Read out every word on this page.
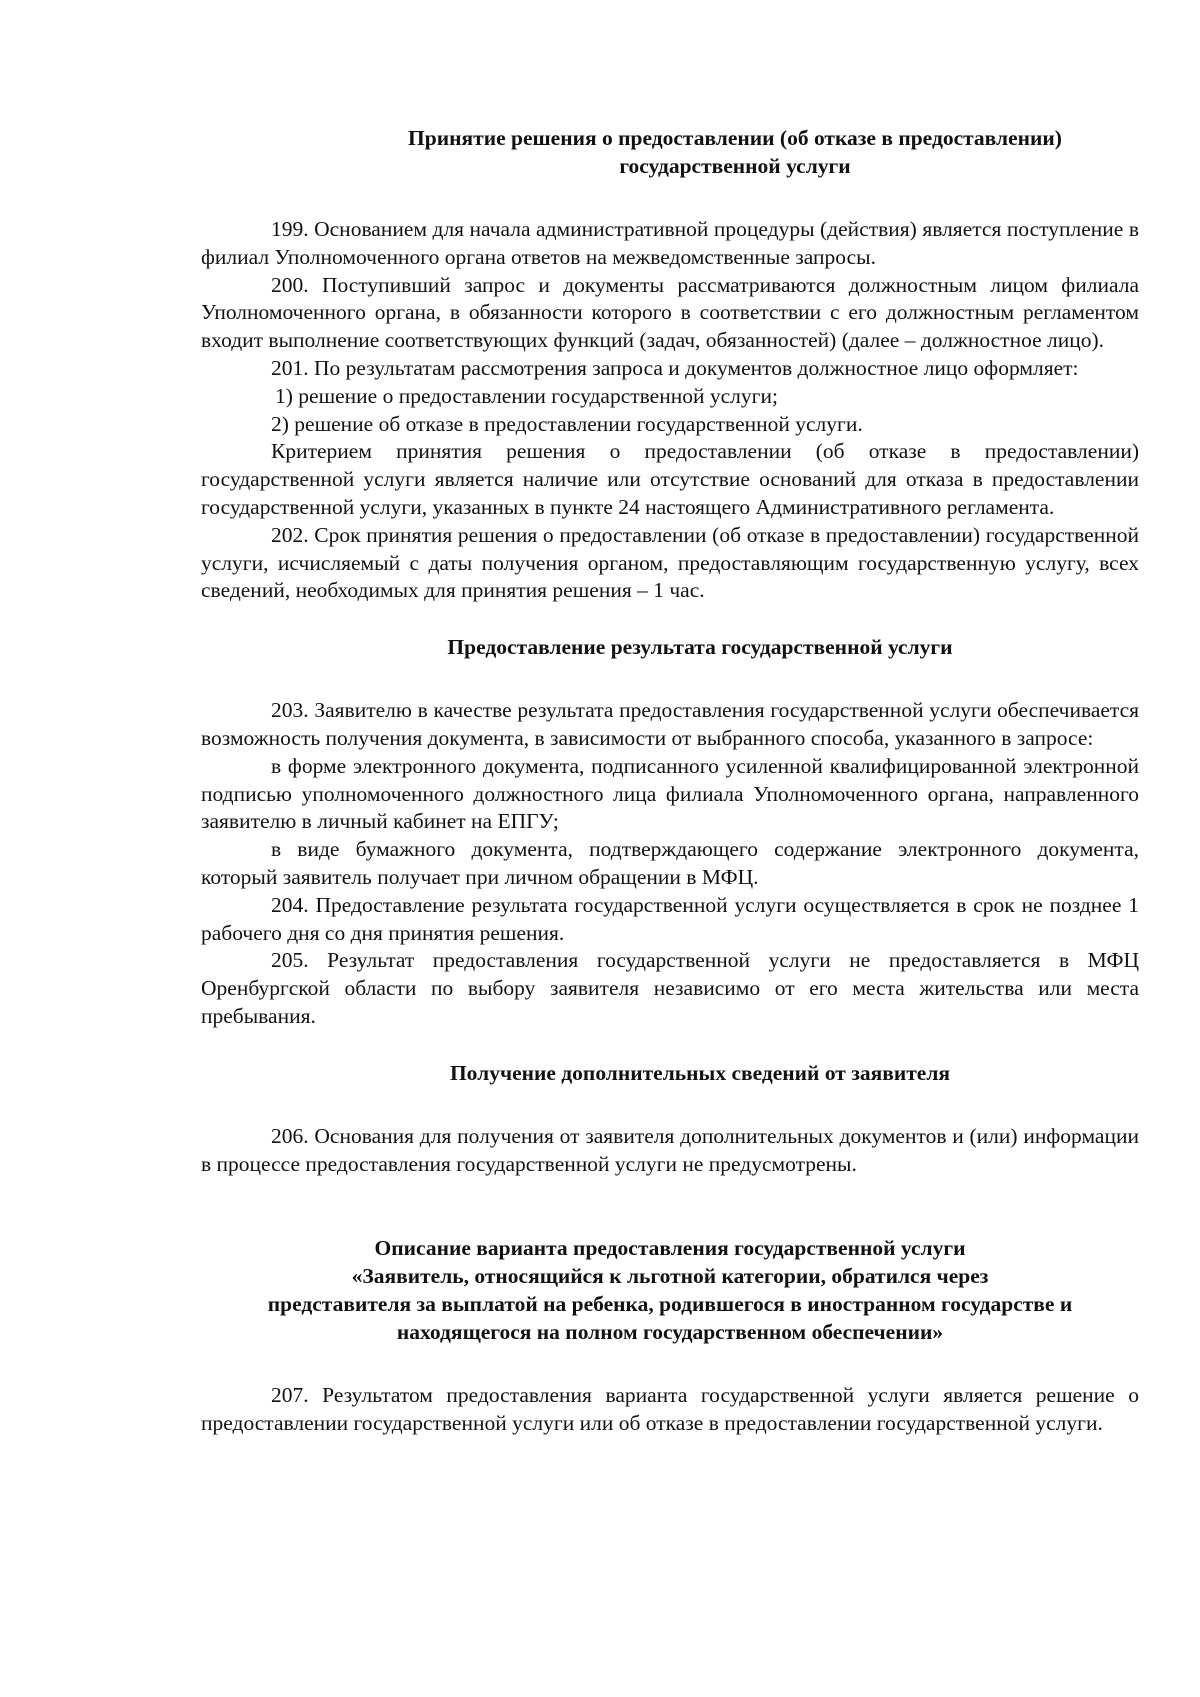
Принятие решения о предоставлении (об отказе в предоставлении)
государственной услуги

199. Основанием для начала административной процедуры (действия) является поступление в филиал Уполномоченного органа ответов на межведомственные запросы.

200. Поступивший запрос и документы рассматриваются должностным лицом филиала Уполномоченного органа, в обязанности которого в соответствии с его должностным регламентом входит выполнение соответствующих функций (задач, обязанностей) (далее – должностное лицо).

201. По результатам рассмотрения запроса и документов должностное лицо оформляет:

1) решение о предоставлении государственной услуги;

2) решение об отказе в предоставлении государственной услуги.

Критерием принятия решения о предоставлении (об отказе в предоставлении) государственной услуги является наличие или отсутствие оснований для отказа в предоставлении государственной услуги, указанных в пункте 24 настоящего Административного регламента.

202. Срок принятия решения о предоставлении (об отказе в предоставлении) государственной услуги, исчисляемый с даты получения органом, предоставляющим государственную услугу, всех сведений, необходимых для принятия решения – 1 час.

Предоставление результата государственной услуги

203. Заявителю в качестве результата предоставления государственной услуги обеспечивается возможность получения документа, в зависимости от выбранного способа, указанного в запросе:

в форме электронного документа, подписанного усиленной квалифицированной электронной подписью уполномоченного должностного лица филиала Уполномоченного органа, направленного заявителю в личный кабинет на ЕПГУ;

в виде бумажного документа, подтверждающего содержание электронного документа, который заявитель получает при личном обращении в МФЦ.

204. Предоставление результата государственной услуги осуществляется в срок не позднее 1 рабочего дня со дня принятия решения.

205. Результат предоставления государственной услуги не предоставляется в МФЦ Оренбургской области по выбору заявителя независимо от его места жительства или места пребывания.

Получение дополнительных сведений от заявителя

206. Основания для получения от заявителя дополнительных документов и (или) информации в процессе предоставления государственной услуги не предусмотрены.

Описание варианта предоставления государственной услуги
«Заявитель, относящийся к льготной категории, обратился через
представителя за выплатой на ребенка, родившегося в иностранном государстве и
находящегося на полном государственном обеспечении»

207. Результатом предоставления варианта государственной услуги является решение о предоставлении государственной услуги или об отказе в предоставлении государственной услуги.
